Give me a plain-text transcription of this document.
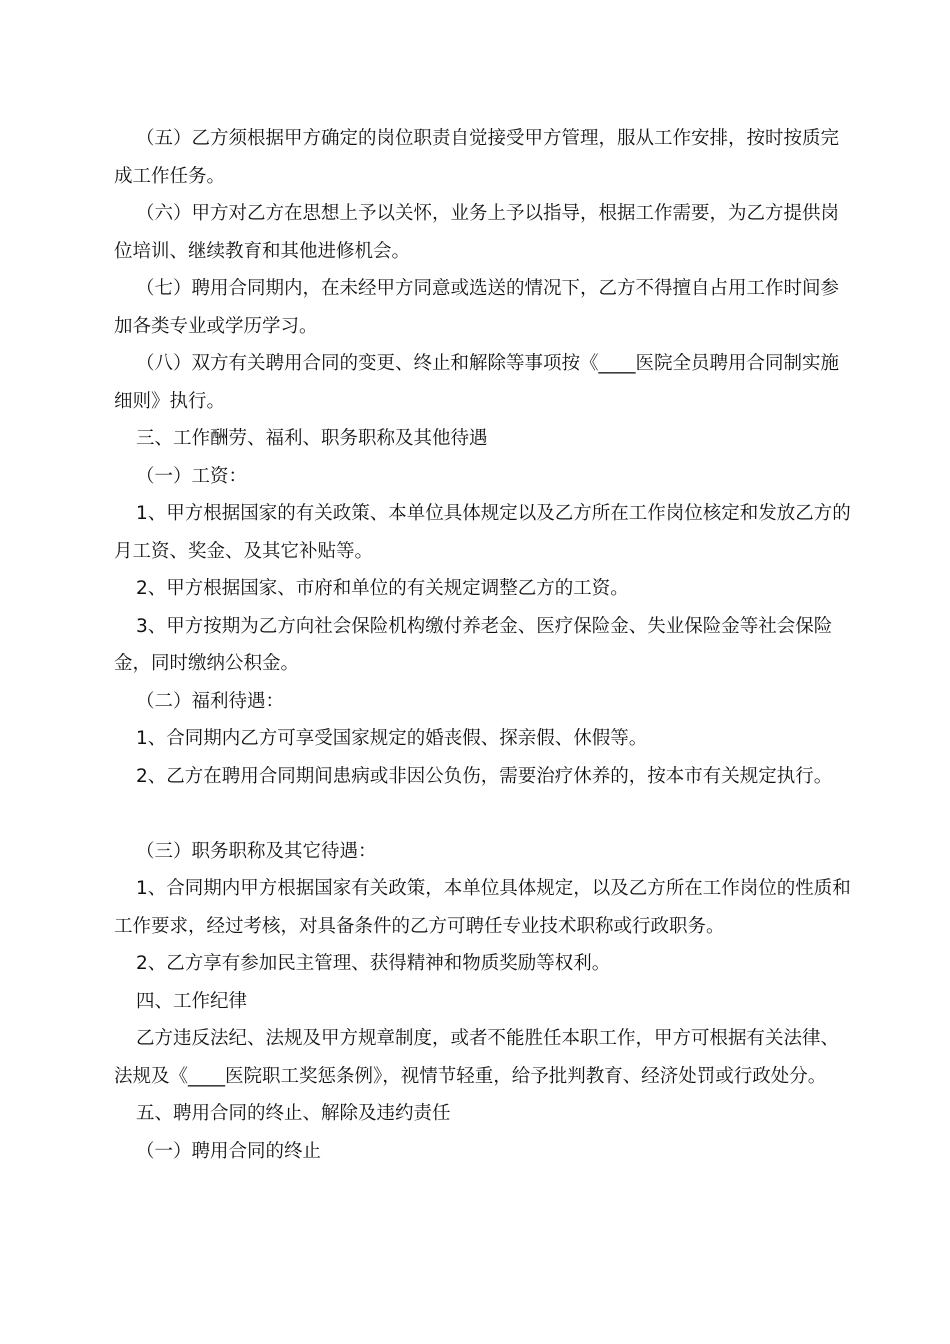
（五）乙方须根据甲方确定的岗位职责自觉接受甲方管理，服从工作安排，按时按质完成工作任务。

（六）甲方对乙方在思想上予以关怀，业务上予以指导，根据工作需要，为乙方提供岗位培训、继续教育和其他进修机会。

（七）聘用合同期内，在未经甲方同意或选送的情况下，乙方不得擅自占用工作时间参加各类专业或学历学习。

（八）双方有关聘用合同的变更、终止和解除等事项按《____医院全员聘用合同制实施细则》执行。

三、工作酬劳、福利、职务职称及其他待遇

（一）工资：

1、甲方根据国家的有关政策、本单位具体规定以及乙方所在工作岗位核定和发放乙方的月工资、奖金、及其它补贴等。

2、甲方根据国家、市府和单位的有关规定调整乙方的工资。

3、甲方按期为乙方向社会保险机构缴付养老金、医疗保险金、失业保险金等社会保险金，同时缴纳公积金。

（二）福利待遇：

1、合同期内乙方可享受国家规定的婚丧假、探亲假、休假等。

2、乙方在聘用合同期间患病或非因公负伤，需要治疗休养的，按本市有关规定执行。

（三）职务职称及其它待遇：

1、合同期内甲方根据国家有关政策，本单位具体规定，以及乙方所在工作岗位的性质和工作要求，经过考核，对具备条件的乙方可聘任专业技术职称或行政职务。

2、乙方享有参加民主管理、获得精神和物质奖励等权利。

四、工作纪律

乙方违反法纪、法规及甲方规章制度，或者不能胜任本职工作，甲方可根据有关法律、法规及《____医院职工奖惩条例》，视情节轻重，给予批判教育、经济处罚或行政处分。

五、聘用合同的终止、解除及违约责任

（一）聘用合同的终止
